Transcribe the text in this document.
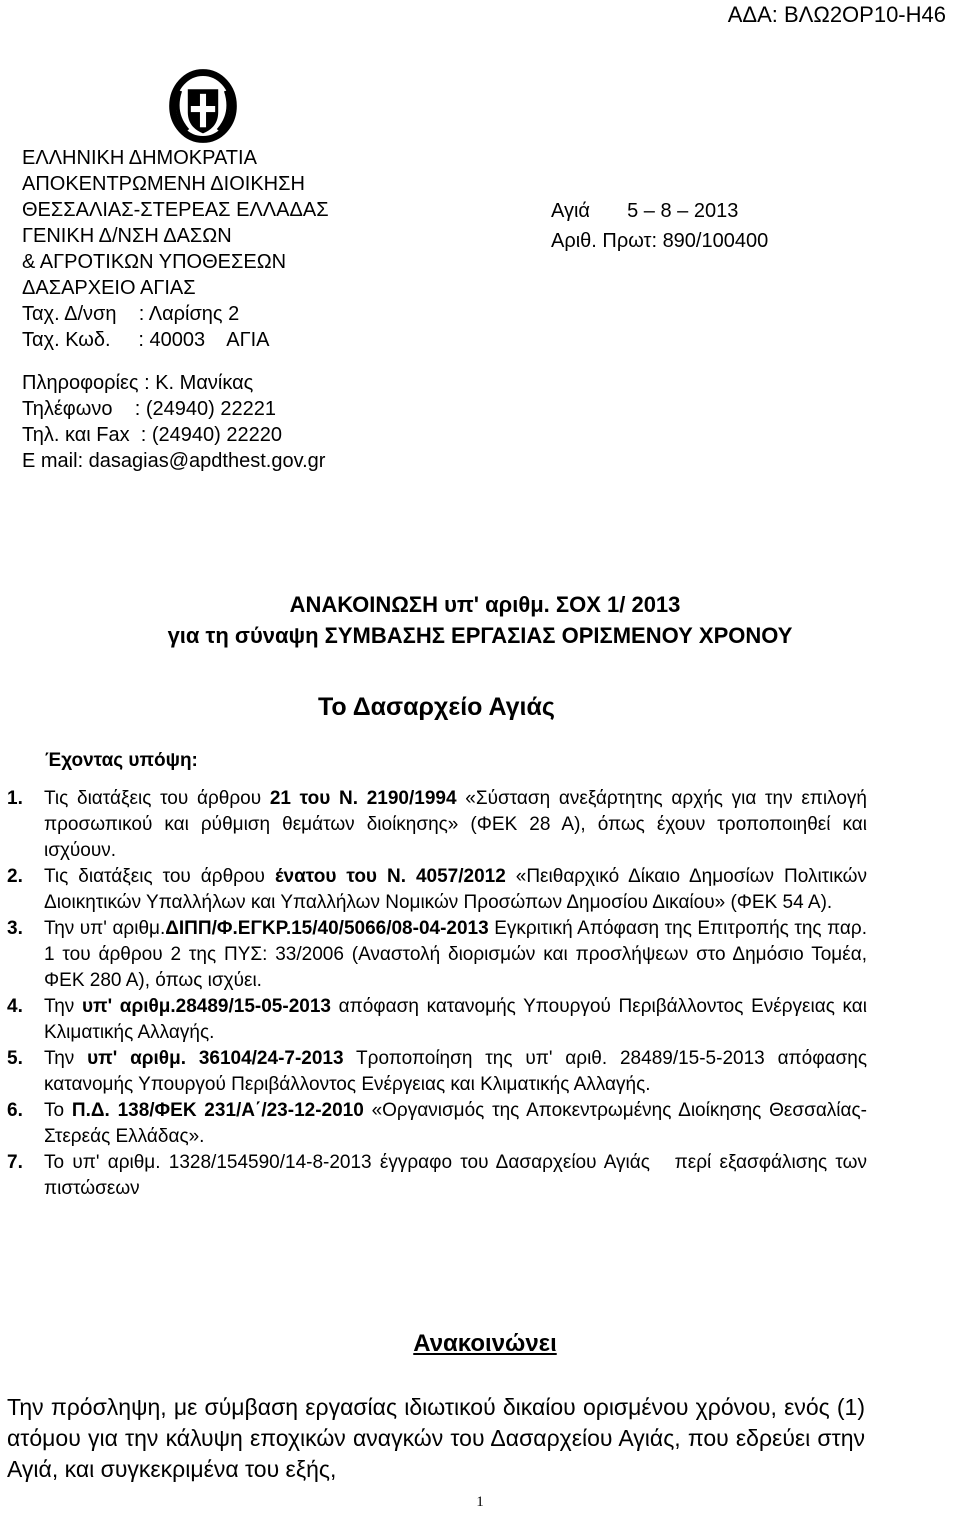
ΑΔΑ: ΒΛΩ2ΟΡ10-Η46
ΕΛΛΗΝΙΚΗ ΔΗΜΟΚΡΑΤΙΑ
ΑΠΟΚΕΝΤΡΩΜΕΝΗ ΔΙΟΙΚΗΣΗ
ΘΕΣΣΑΛΙΑΣ-ΣΤΕΡΕΑΣ ΕΛΛΑΔΑΣ
ΓΕΝΙΚΗ Δ/ΝΣΗ ΔΑΣΩΝ
& ΑΓΡΟΤΙΚΩΝ ΥΠΟΘΕΣΕΩΝ
ΔΑΣΑΡΧΕΙΟ ΑΓΙΑΣ
Ταχ. Δ/νση    : Λαρίσης 2
Ταχ. Κωδ.     : 40003    ΑΓΙΑ
Πληροφορίες : Κ. Μανίκας
Τηλέφωνο    : (24940) 22221
Τηλ. και Fax  : (24940) 22220
E mail: dasagias@apdthest.gov.gr
Αγιά 5 – 8 – 2013
Αριθ. Πρωτ: 890/100400
ΑΝΑΚΟΙΝΩΣΗ υπ' αριθμ. ΣΟΧ 1/ 2013
για τη σύναψη ΣΥΜΒΑΣΗΣ ΕΡΓΑΣΙΑΣ ΟΡΙΣΜΕΝΟΥ ΧΡΟΝΟΥ
Το Δασαρχείο Αγιάς
Έχοντας υπόψη:
1.	Τις διατάξεις του άρθρου 21 του Ν. 2190/1994 «Σύσταση ανεξάρτητης αρχής για την επιλογή προσωπικού και ρύθμιση θεμάτων διοίκησης» (ΦΕΚ 28 Α), όπως έχουν τροποποιηθεί και ισχύουν.
2.	Τις διατάξεις του άρθρου ένατου του Ν. 4057/2012 «Πειθαρχικό Δίκαιο Δημοσίων Πολιτικών Διοικητικών Υπαλλήλων και Υπαλλήλων Νομικών Προσώπων Δημοσίου Δικαίου» (ΦΕΚ 54 Α).
3.	Την υπ' αριθμ.ΔΙΠΠ/Φ.ΕΓΚΡ.15/40/5066/08-04-2013 Εγκριτική Απόφαση της Επιτροπής της παρ. 1 του άρθρου 2 της ΠΥΣ: 33/2006 (Αναστολή διορισμών και προσλήψεων στο Δημόσιο Τομέα, ΦΕΚ 280 Α), όπως ισχύει.
4.	Την υπ' αριθμ.28489/15-05-2013 απόφαση κατανομής Υπουργού Περιβάλλοντος Ενέργειας και Κλιματικής Αλλαγής.
5.	Την υπ' αριθμ. 36104/24-7-2013 Τροποποίηση της υπ' αριθ. 28489/15-5-2013 απόφασης κατανομής Υπουργού Περιβάλλοντος Ενέργειας και Κλιματικής Αλλαγής.
6.	Το Π.Δ. 138/ΦΕΚ 231/Α΄/23-12-2010 «Οργανισμός της Αποκεντρωμένης Διοίκησης Θεσσαλίας-Στερεάς Ελλάδας».
7.	Το υπ' αριθμ. 1328/154590/14-8-2013 έγγραφο του Δασαρχείου Αγιάς   περί εξασφάλισης των πιστώσεων
Ανακοινώνει
Την πρόσληψη, με σύμβαση εργασίας ιδιωτικού δικαίου ορισμένου χρόνου, ενός (1) ατόμου για την κάλυψη εποχικών αναγκών του Δασαρχείου Αγιάς, που εδρεύει στην Αγιά, και συγκεκριμένα του εξής,
1
